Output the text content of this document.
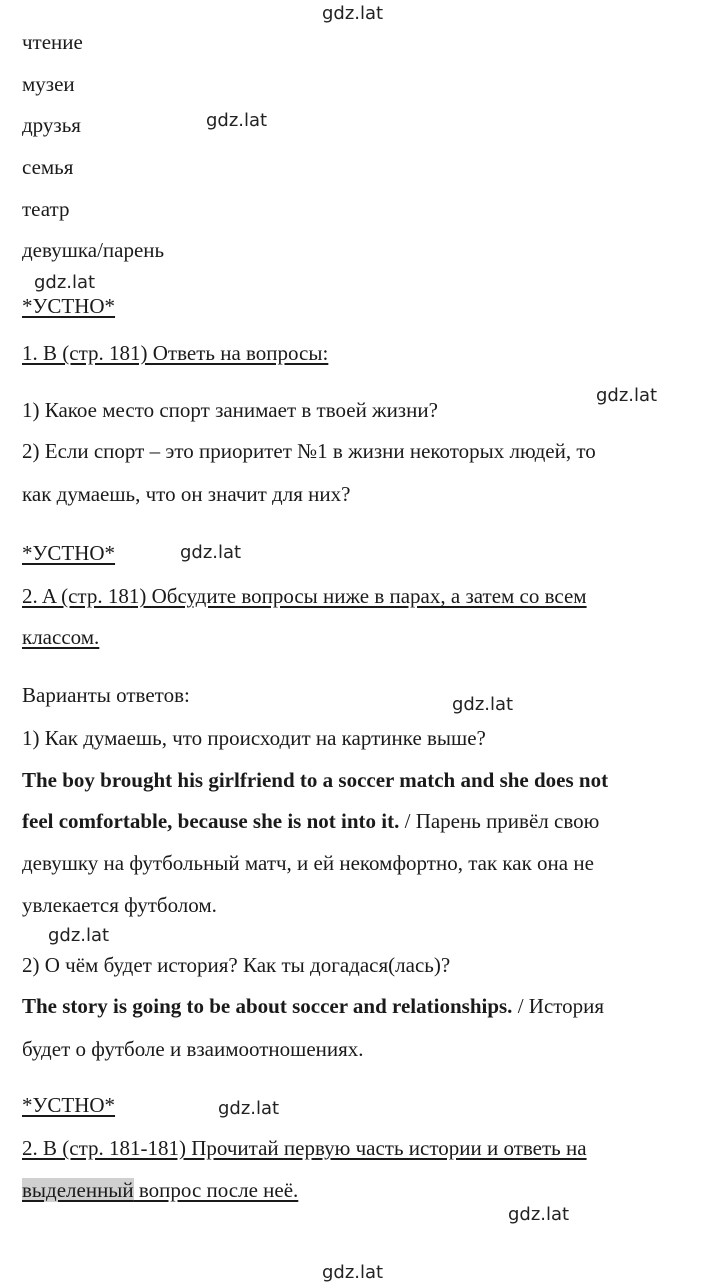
gdz.lat
gdz.lat
gdz.lat
gdz.lat
gdz.lat
gdz.lat
gdz.lat
gdz.lat
gdz.lat
gdz.lat
чтение
музеи
друзья
семья
театр
девушка/парень
*УСТНО*
1. B (стр. 181) Ответь на вопросы:
1) Какое место спорт занимает в твоей жизни?
2) Если спорт – это приоритет №1 в жизни некоторых людей, то
как думаешь, что он значит для них?
*УСТНО*
2. A (стр. 181) Обсудите вопросы ниже в парах, а затем со всем
классом.
Варианты ответов:
1) Как думаешь, что происходит на картинке выше?
The boy brought his girlfriend to a soccer match and she does not
feel comfortable, because she is not into it. / Парень привёл свою
девушку на футбольный матч, и ей некомфортно, так как она не
увлекается футболом.
2) О чём будет история? Как ты догадася(лась)?
The story is going to be about soccer and relationships. / История
будет о футболе и взаимоотношениях.
*УСТНО*
2. B (стр. 181-181) Прочитай первую часть истории и ответь на
выделенный вопрос после неё.
